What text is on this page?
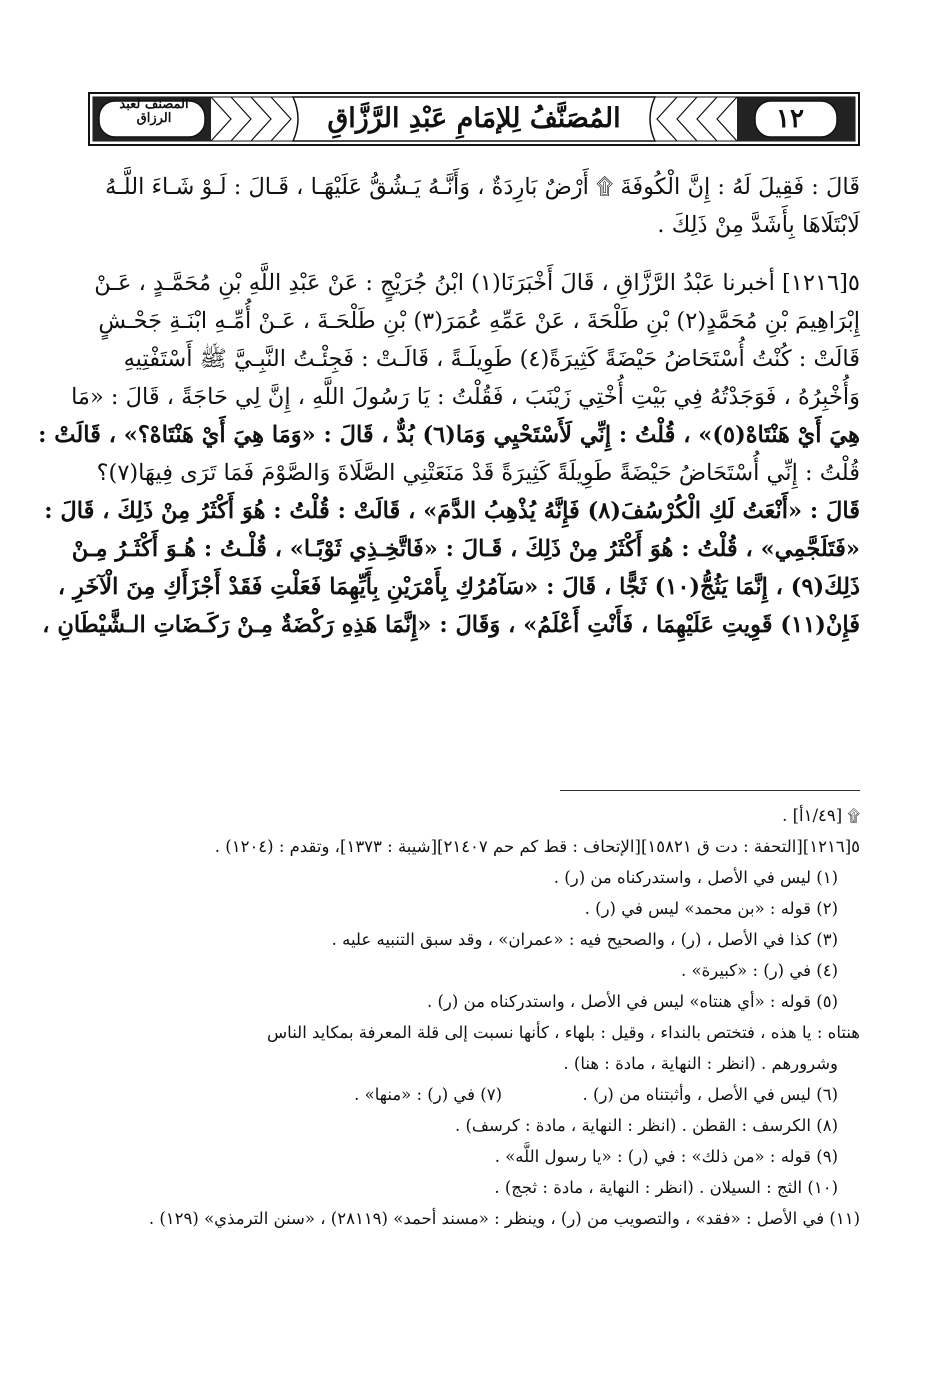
المصنف لعبد الرزاق	المُصَنَّفُ لِلإمَامِ عَبْدِ الرَّزَّاقِ	١٢
قَالَ : فَقِيلَ لَهُ : إِنَّ الْكُوفَةَ ۩ أَرْضٌ بَارِدَةٌ ، وَأَنَّـهُ يَـشُقُّ عَلَيْهَـا ، قَـالَ : لَـوْ شَـاءَ اللَّـهُ
لَابْتَلَاهَا بِأَشَدَّ مِنْ ذَلِكَ .
٥[١٢١٦] أخبرنا عَبْدُ الرَّزَّاقِ ، قَالَ أَخْبَرَنَا(١) ابْنُ جُرَيْجٍ : عَنْ عَبْدِ اللَّهِ بْنِ مُحَمَّـدٍ ، عَـنْ
إِبْرَاهِيمَ بْنِ مُحَمَّدٍ(٢) بْنِ طَلْحَةَ ، عَنْ عَمِّهِ عُمَرَ(٣) بْنِ طَلْحَـةَ ، عَـنْ أُمِّـهِ ابْنَـةِ جَحْـشٍ
قَالَتْ : كُنْتُ أُسْتَحَاضُ حَيْضَةً كَثِيرَةً(٤) طَوِيلَـةً ، قَالَـتْ : فَجِئْـتُ النَّبِـيَّ ﷺ أَسْتَفْتِيهِ
وَأُخْبِرُهُ ، فَوَجَدْتُهُ فِي بَيْتِ أُخْتِي زَيْنَبَ ، فَقُلْتُ : يَا رَسُولَ اللَّهِ ، إِنَّ لِي حَاجَةً ، قَالَ : «مَا
هِيَ أَيْ هَنْتَاهْ(٥)» ، قُلْتُ : إِنِّي لَأَسْتَحْيِي وَمَا(٦) بُدٌّ ، قَالَ : «وَمَا هِيَ أَيْ هَنْتَاهْ؟» ، قَالَتْ :
قُلْتُ : إِنِّي أُسْتَحَاضُ حَيْضَةً طَوِيلَةً كَثِيرَةً قَدْ مَنَعَتْنِي الصَّلَاةَ وَالصَّوْمَ فَمَا تَرَى فِيهَا(٧)؟
قَالَ : «أَنْعَتُ لَكِ الْكُرْسُفَ(٨) فَإِنَّهُ يُذْهِبُ الدَّمَ» ، قَالَتْ : قُلْتُ : هُوَ أَكْثَرُ مِنْ ذَلِكَ ، قَالَ :
«فَتَلَجَّمِي» ، قُلْتُ : هُوَ أَكْثَرُ مِنْ ذَلِكَ ، قَـالَ : «فَاتَّخِـذِي ثَوْبًـا» ، قُلْـتُ : هُـوَ أَكْثَـرُ مِـنْ
ذَلِكَ(٩) ، إِنَّمَا يَثُجُّ(١٠) ثَجًّا ، قَالَ : «سَآمُرُكِ بِأَمْرَيْنِ بِأَيِّهِمَا فَعَلْتِ فَقَدْ أَجْزَأَكِ مِنَ الْآخَرِ ،
فَإِنْ(١١) قَوِيتِ عَلَيْهِمَا ، فَأَنْتِ أَعْلَمُ» ، وَقَالَ : «إِنَّمَا هَذِهِ رَكْضَةٌ مِـنْ رَكَـضَاتِ الـشَّيْطَانِ ،
۩ [١/٤٩أ] .
٥[١٢١٦][التحفة : دت ق ١٥٨٢١][الإتحاف : قط كم حم ٢١٤٠٧][شيبة : ١٣٧٣]، وتقدم : (١٢٠٤) .
(١) ليس في الأصل ، واستدركناه من (ر) .
(٢) قوله : «بن محمد» ليس في (ر) .
(٣) كذا في الأصل ، (ر) ، والصحيح فيه : «عمران» ، وقد سبق التنبيه عليه .
(٤) في (ر) : «كبيرة» .
(٥) قوله : «أي هنتاه» ليس في الأصل ، واستدركناه من (ر) .
هنتاه : يا هذه ، فتختص بالنداء ، وقيل : بلهاء ، كأنها نسبت إلى قلة المعرفة بمكايد الناس
وشرورهم . (انظر : النهاية ، مادة : هنا) .
(٦) ليس في الأصل ، وأثبتناه من (ر) .  (٧) في (ر) : «منها» .
(٨) الكرسف : القطن . (انظر : النهاية ، مادة : كرسف) .
(٩) قوله : «من ذلك» : في (ر) : «يا رسول اللَّه» .
(١٠) الثج : السيلان . (انظر : النهاية ، مادة : ثجج) .
(١١) في الأصل : «فقد» ، والتصويب من (ر) ، وينظر : «مسند أحمد» (٢٨١١٩) ، «سنن الترمذي» (١٢٩) .
